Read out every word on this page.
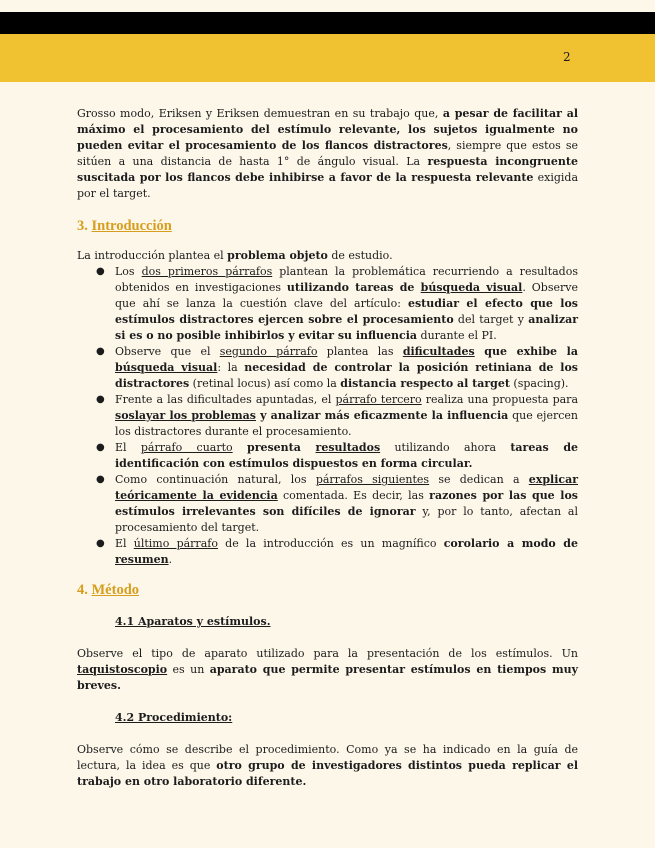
2

Grosso modo, Eriksen y Eriksen demuestran en su trabajo que, a pesar de facilitar al máximo el procesamiento del estímulo relevante, los sujetos igualmente no pueden evitar el procesamiento de los flancos distractores, siempre que estos se sitúen a una distancia de hasta 1° de ángulo visual. La respuesta incongruente suscitada por los flancos debe inhibirse a favor de la respuesta relevante exigida por el target.

3. Introducción

La introducción plantea el problema objeto de estudio.

● Los dos primeros párrafos plantean la problemática recurriendo a resultados obtenidos en investigaciones utilizando tareas de búsqueda visual. Observe que ahí se lanza la cuestión clave del artículo: estudiar el efecto que los estímulos distractores ejercen sobre el procesamiento del target y analizar si es o no posible inhibirlos y evitar su influencia durante el PI.
● Observe que el segundo párrafo plantea las dificultades que exhibe la búsqueda visual: la necesidad de controlar la posición retiniana de los distractores (retinal locus) así como la distancia respecto al target (spacing).
● Frente a las dificultades apuntadas, el párrafo tercero realiza una propuesta para soslayar los problemas y analizar más eficazmente la influencia que ejercen los distractores durante el procesamiento.
● El párrafo cuarto presenta resultados utilizando ahora tareas de identificación con estímulos dispuestos en forma circular.
● Como continuación natural, los párrafos siguientes se dedican a explicar teóricamente la evidencia comentada. Es decir, las razones por las que los estímulos irrelevantes son difíciles de ignorar y, por lo tanto, afectan al procesamiento del target.
● El último párrafo de la introducción es un magnífico corolario a modo de resumen.
4. Método
4.1 Aparatos y estímulos.

Observe el tipo de aparato utilizado para la presentación de los estímulos. Un taquistoscopio es un aparato que permite presentar estímulos en tiempos muy breves.

4.2 Procedimiento:

Observe cómo se describe el procedimiento. Como ya se ha indicado en la guía de lectura, la idea es que otro grupo de investigadores distintos pueda replicar el trabajo en otro laboratorio diferente.
